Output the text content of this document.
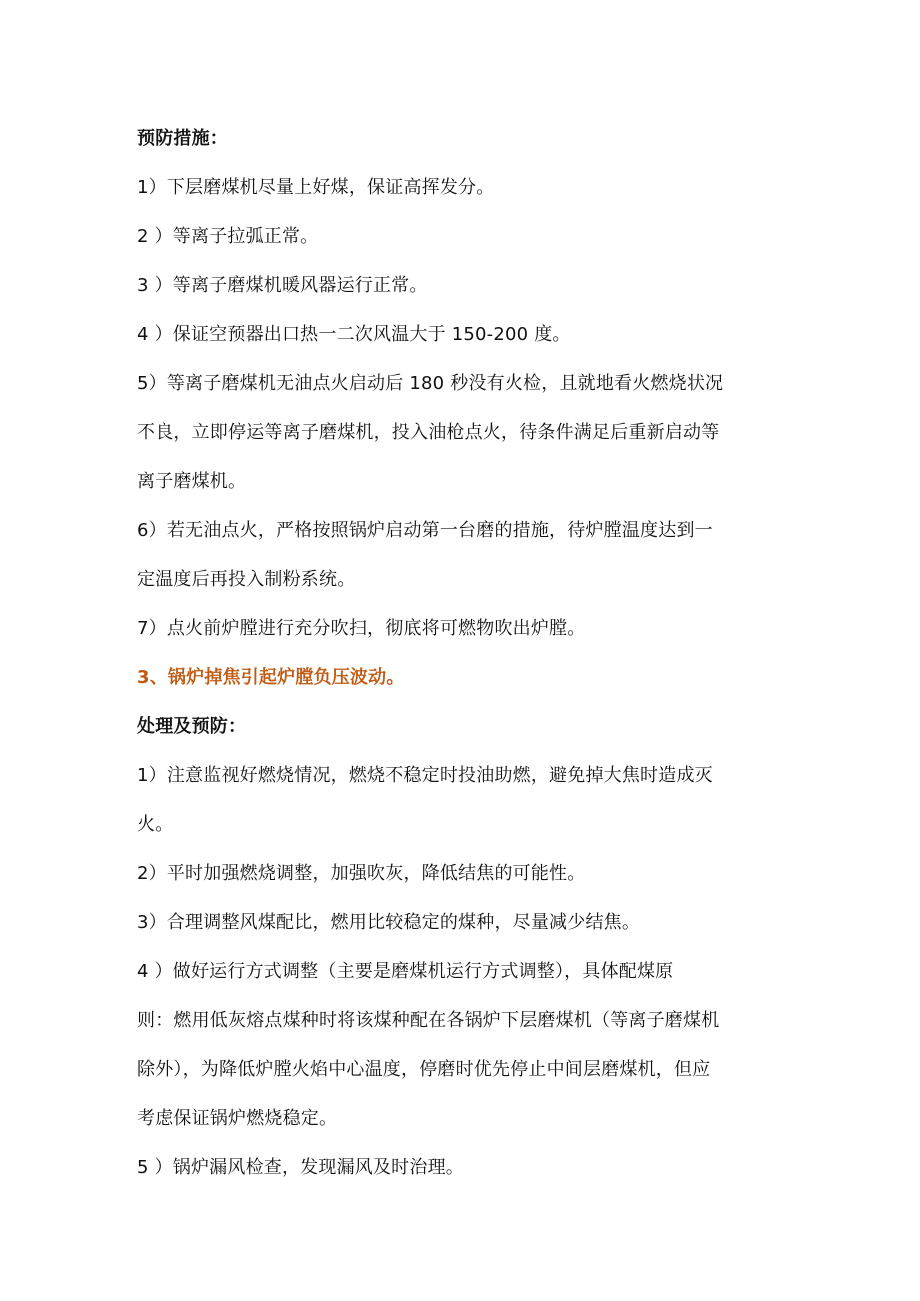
预防措施：
1）下层磨煤机尽量上好煤，保证高挥发分。
2 ）等离子拉弧正常。
3 ）等离子磨煤机暖风器运行正常。
4 ）保证空预器出口热一二次风温大于 150-200 度。
5）等离子磨煤机无油点火启动后 180 秒没有火检，且就地看火燃烧状况
不良，立即停运等离子磨煤机，投入油枪点火，待条件满足后重新启动等
离子磨煤机。
6）若无油点火，严格按照锅炉启动第一台磨的措施，待炉膛温度达到一
定温度后再投入制粉系统。
7）点火前炉膛进行充分吹扫，彻底将可燃物吹出炉膛。
3、锅炉掉焦引起炉膛负压波动。
处理及预防：
1）注意监视好燃烧情况，燃烧不稳定时投油助燃，避免掉大焦时造成灭
火。
2）平时加强燃烧调整，加强吹灰，降低结焦的可能性。
3）合理调整风煤配比，燃用比较稳定的煤种，尽量减少结焦。
4 ）做好运行方式调整（主要是磨煤机运行方式调整），具体配煤原
则：燃用低灰熔点煤种时将该煤种配在各锅炉下层磨煤机（等离子磨煤机
除外），为降低炉膛火焰中心温度，停磨时优先停止中间层磨煤机，但应
考虑保证锅炉燃烧稳定。
5 ）锅炉漏风检查，发现漏风及时治理。
